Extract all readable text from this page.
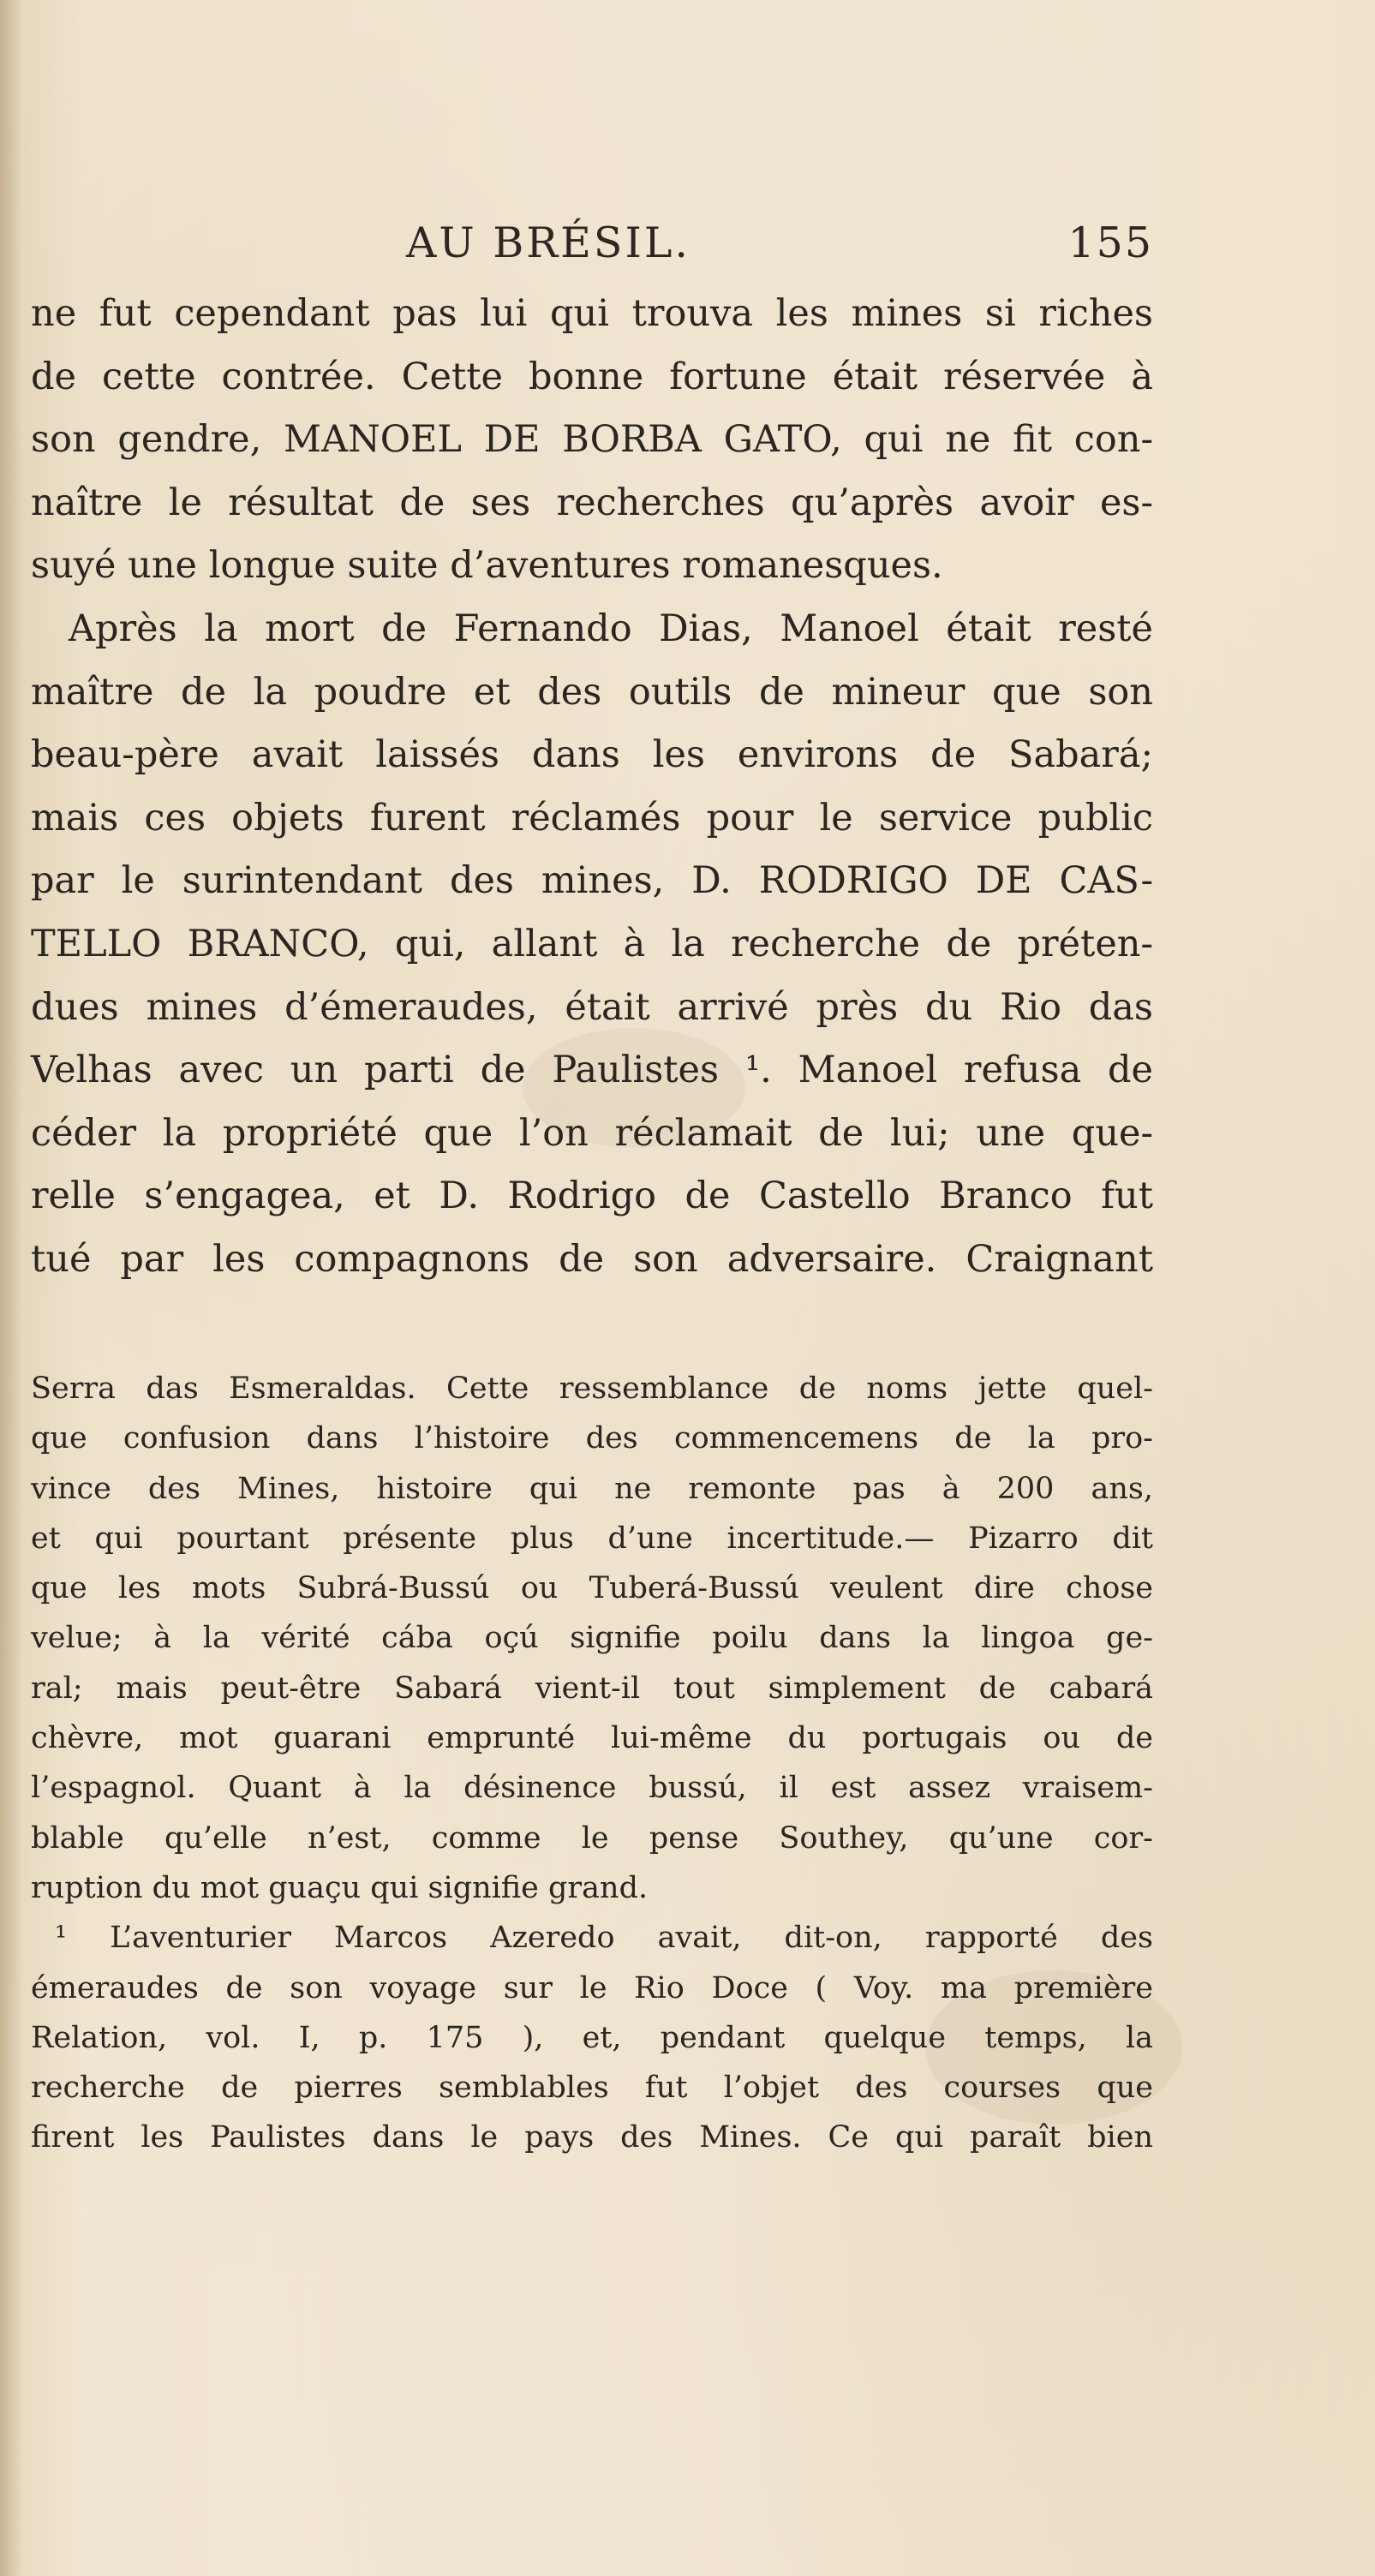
AU BRÉSIL.	155
ne fut cependant pas lui qui trouva les mines si riches
de cette contrée. Cette bonne fortune était réservée à
son gendre, MANOEL DE BORBA GATO, qui ne fit con-
naître le résultat de ses recherches qu’après avoir es-
suyé une longue suite d’aventures romanesques.
Après la mort de Fernando Dias, Manoel était resté
maître de la poudre et des outils de mineur que son
beau-père avait laissés dans les environs de Sabará;
mais ces objets furent réclamés pour le service public
par le surintendant des mines, D. RODRIGO DE CAS-
TELLO BRANCO, qui, allant à la recherche de préten-
dues mines d’émeraudes, était arrivé près du Rio das
Velhas avec un parti de Paulistes ¹. Manoel refusa de
céder la propriété que l’on réclamait de lui; une que-
relle s’engagea, et D. Rodrigo de Castello Branco fut
tué par les compagnons de son adversaire. Craignant
Serra das Esmeraldas. Cette ressemblance de noms jette quel-
que confusion dans l’histoire des commencemens de la pro-
vince des Mines, histoire qui ne remonte pas à 200 ans,
et qui pourtant présente plus d’une incertitude.— Pizarro dit
que les mots Subrá-Bussú ou Tuberá-Bussú veulent dire chose
velue; à la vérité cába oçú signifie poilu dans la lingoa ge-
ral; mais peut-être Sabará vient-il tout simplement de cabará
chèvre, mot guarani emprunté lui-même du portugais ou de
l’espagnol. Quant à la désinence bussú, il est assez vraisem-
blable qu’elle n’est, comme le pense Southey, qu’une cor-
ruption du mot guaçu qui signifie grand.
¹ L’aventurier Marcos Azeredo avait, dit-on, rapporté des
émeraudes de son voyage sur le Rio Doce ( Voy. ma première
Relation, vol. I, p. 175 ), et, pendant quelque temps, la
recherche de pierres semblables fut l’objet des courses que
firent les Paulistes dans le pays des Mines. Ce qui paraît bien
